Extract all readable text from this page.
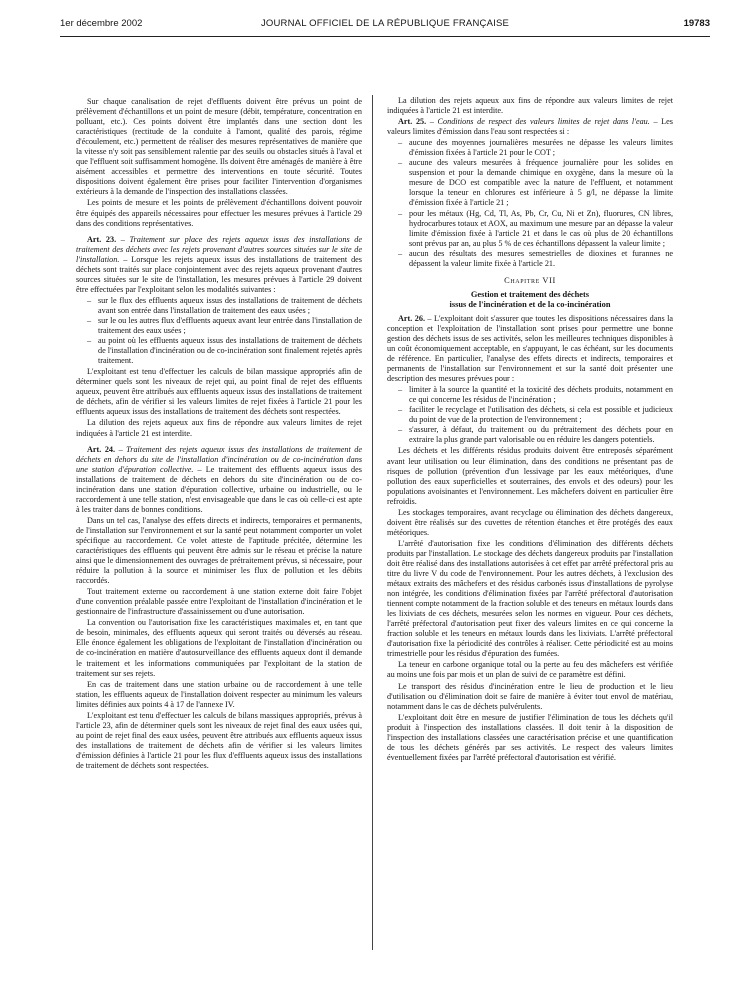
1er décembre 2002	JOURNAL OFFICIEL DE LA RÉPUBLIQUE FRANÇAISE	19783

Sur chaque canalisation de rejet d'effluents doivent être prévus un point de prélèvement d'échantillons et un point de mesure (débit, température, concentration en polluant, etc.). Ces points doivent être implantés dans une section dont les caractéristiques (rectitude de la conduite à l'amont, qualité des parois, régime d'écoulement, etc.) permettent de réaliser des mesures représentatives de manière que la vitesse n'y soit pas sensiblement ralentie par des seuils ou obstacles situés à l'aval et que l'effluent soit suffisamment homogène. Ils doivent être aménagés de manière à être aisément accessibles et permettre des interventions en toute sécurité. Toutes dispositions doivent également être prises pour faciliter l'intervention d'organismes extérieurs à la demande de l'inspection des installations classées.

Les points de mesure et les points de prélèvement d'échantillons doivent pouvoir être équipés des appareils nécessaires pour effectuer les mesures prévues à l'article 29 dans des conditions représentatives.

Art. 23. – Traitement sur place des rejets aqueux issus des installations de traitement des déchets avec les rejets provenant d'autres sources situées sur le site de l'installation. – Lorsque les rejets aqueux issus des installations de traitement des déchets sont traités sur place conjointement avec des rejets aqueux provenant d'autres sources situées sur le site de l'installation, les mesures prévues à l'article 29 doivent être effectuées par l'exploitant selon les modalités suivantes :

– sur le flux des effluents aqueux issus des installations de traitement de déchets avant son entrée dans l'installation de traitement des eaux usées ;
– sur le ou les autres flux d'effluents aqueux avant leur entrée dans l'installation de traitement des eaux usées ;
– au point où les effluents aqueux issus des installations de traitement de déchets de l'installation d'incinération ou de co-incinération sont finalement rejetés après traitement.

L'exploitant est tenu d'effectuer les calculs de bilan massique appropriés afin de déterminer quels sont les niveaux de rejet qui, au point final de rejet des effluents aqueux, peuvent être attribués aux effluents aqueux issus des installations de traitement de déchets, afin de vérifier si les valeurs limites de rejet fixées à l'article 21 pour les effluents aqueux issus des installations de traitement des déchets sont respectées.

La dilution des rejets aqueux aux fins de répondre aux valeurs limites de rejet indiquées à l'article 21 est interdite.

Art. 24. – Traitement des rejets aqueux issus des installations de traitement de déchets en dehors du site de l'installation d'incinération ou de co-incinération dans une station d'épuration collective. – Le traitement des effluents aqueux issus des installations de traitement de déchets en dehors du site d'incinération ou de co-incinération dans une station d'épuration collective, urbaine ou industrielle, ou le raccordement à une telle station, n'est envisageable que dans le cas où celle-ci est apte à les traiter dans de bonnes conditions.

Dans un tel cas, l'analyse des effets directs et indirects, temporaires et permanents, de l'installation sur l'environnement et sur la santé peut notamment comporter un volet spécifique au raccordement. Ce volet atteste de l'aptitude précitée, détermine les caractéristiques des effluents qui peuvent être admis sur le réseau et précise la nature ainsi que le dimensionnement des ouvrages de prétraitement prévus, si nécessaire, pour réduire la pollution à la source et minimiser les flux de pollution et les débits raccordés.

Tout traitement externe ou raccordement à une station externe doit faire l'objet d'une convention préalable passée entre l'exploitant de l'installation d'incinération et le gestionnaire de l'infrastructure d'assainissement ou d'une autorisation.

La convention ou l'autorisation fixe les caractéristiques maximales et, en tant que de besoin, minimales, des effluents aqueux qui seront traités ou déversés au réseau. Elle énonce également les obligations de l'exploitant de l'installation d'incinération ou de co-incinération en matière d'autosurveillance des effluents aqueux dont il demande le traitement et les informations communiquées par l'exploitant de la station de traitement sur ses rejets.

En cas de traitement dans une station urbaine ou de raccordement à une telle station, les effluents aqueux de l'installation doivent respecter au minimum les valeurs limites définies aux points 4 à 17 de l'annexe IV.

L'exploitant est tenu d'effectuer les calculs de bilans massiques appropriés, prévus à l'article 23, afin de déterminer quels sont les niveaux de rejet final des eaux usées qui, au point de rejet final des eaux usées, peuvent être attribués aux effluents aqueux issus des installations de traitement de déchets afin de vérifier si les valeurs limites d'émission définies à l'article 21 pour les flux d'effluents aqueux issus des installations de traitement de déchets sont respectées.

La dilution des rejets aqueux aux fins de répondre aux valeurs limites de rejet indiquées à l'article 21 est interdite.

Art. 25. – Conditions de respect des valeurs limites de rejet dans l'eau. – Les valeurs limites d'émission dans l'eau sont respectées si :

– aucune des moyennes journalières mesurées ne dépasse les valeurs limites d'émission fixées à l'article 21 pour le COT ;
– aucune des valeurs mesurées à fréquence journalière pour les solides en suspension et pour la demande chimique en oxygène, dans la mesure où la mesure de DCO est compatible avec la nature de l'effluent, et notamment lorsque la teneur en chlorures est inférieure à 5 g/l, ne dépasse la limite d'émission fixée à l'article 21 ;
– pour les métaux (Hg, Cd, Tl, As, Pb, Cr, Cu, Ni et Zn), fluorures, CN libres, hydrocarbures totaux et AOX, au maximum une mesure par an dépasse la valeur limite d'émission fixée à l'article 21 et dans le cas où plus de 20 échantillons sont prévus par an, au plus 5 % de ces échantillons dépassent la valeur limite ;
– aucun des résultats des mesures semestrielles de dioxines et furannes ne dépassent la valeur limite fixée à l'article 21.
Chapitre VII
Gestion et traitement des déchets
issus de l'incinération et de la co-incinération

Art. 26. – L'exploitant doit s'assurer que toutes les dispositions nécessaires dans la conception et l'exploitation de l'installation sont prises pour permettre une bonne gestion des déchets issus de ses activités, selon les meilleures techniques disponibles à un coût économiquement acceptable, en s'appuyant, le cas échéant, sur les documents de référence. En particulier, l'analyse des effets directs et indirects, temporaires et permanents de l'installation sur l'environnement et sur la santé doit présenter une description des mesures prévues pour :

– limiter à la source la quantité et la toxicité des déchets produits, notamment en ce qui concerne les résidus de l'incinération ;
– faciliter le recyclage et l'utilisation des déchets, si cela est possible et judicieux du point de vue de la protection de l'environnement ;
– s'assurer, à défaut, du traitement ou du prétraitement des déchets pour en extraire la plus grande part valorisable ou en réduire les dangers potentiels.

Les déchets et les différents résidus produits doivent être entreposés séparément avant leur utilisation ou leur élimination, dans des conditions ne présentant pas de risques de pollution (prévention d'un lessivage par les eaux météoriques, d'une pollution des eaux superficielles et souterraines, des envols et des odeurs) pour les populations avoisinantes et l'environnement. Les mâchefers doivent en particulier être refroidis.

Les stockages temporaires, avant recyclage ou élimination des déchets dangereux, doivent être réalisés sur des cuvettes de rétention étanches et être protégés des eaux météoriques.

L'arrêté d'autorisation fixe les conditions d'élimination des différents déchets produits par l'installation. Le stockage des déchets dangereux produits par l'installation doit être réalisé dans des installations autorisées à cet effet par arrêté préfectoral pris au titre du livre V du code de l'environnement. Pour les autres déchets, à l'exclusion des métaux extraits des mâchefers et des résidus carbonés issus d'installations de pyrolyse non intégrée, les conditions d'élimination fixées par l'arrêté préfectoral d'autorisation tiennent compte notamment de la fraction soluble et des teneurs en métaux lourds dans les lixiviats de ces déchets, mesurées selon les normes en vigueur. Pour ces déchets, l'arrêté préfectoral d'autorisation peut fixer des valeurs limites en ce qui concerne la fraction soluble et les teneurs en métaux lourds dans les lixiviats. L'arrêté préfectoral d'autorisation fixe la périodicité des contrôles à réaliser. Cette périodicité est au moins trimestrielle pour les résidus d'épuration des fumées.

La teneur en carbone organique total ou la perte au feu des mâchefers est vérifiée au moins une fois par mois et un plan de suivi de ce paramètre est défini.

Le transport des résidus d'incinération entre le lieu de production et le lieu d'utilisation ou d'élimination doit se faire de manière à éviter tout envol de matériau, notamment dans le cas de déchets pulvérulents.

L'exploitant doit être en mesure de justifier l'élimination de tous les déchets qu'il produit à l'inspection des installations classées. Il doit tenir à la disposition de l'inspection des installations classées une caractérisation précise et une quantification de tous les déchets générés par ses activités. Le respect des valeurs limites éventuellement fixées par l'arrêté préfectoral d'autorisation est vérifié.
